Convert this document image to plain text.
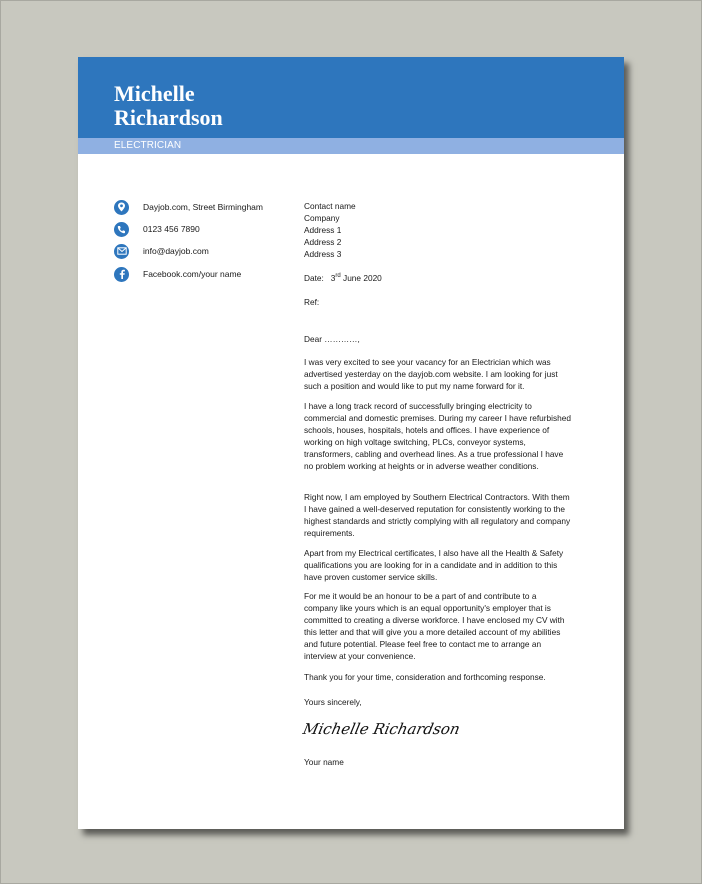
Michelle
Richardson
ELECTRICIAN
Dayjob.com, Street Birmingham
0123 456 7890
info@dayjob.com
Facebook.com/your name
Contact name
Company
Address 1
Address 2
Address 3
Date: 3rd June 2020
Ref:
Dear …………,
I was very excited to see your vacancy for an Electrician which was advertised yesterday on the dayjob.com website. I am looking for just such a position and would like to put my name forward for it.
I have a long track record of successfully bringing electricity to commercial and domestic premises. During my career I have refurbished schools, houses, hospitals, hotels and offices. I have experience of working on high voltage switching, PLCs, conveyor systems, transformers, cabling and overhead lines. As a true professional I have no problem working at heights or in adverse weather conditions.
Right now, I am employed by Southern Electrical Contractors. With them I have gained a well-deserved reputation for consistently working to the highest standards and strictly complying with all regulatory and company requirements.
Apart from my Electrical certificates, I also have all the Health & Safety qualifications you are looking for in a candidate and in addition to this have proven customer service skills.
For me it would be an honour to be a part of and contribute to a company like yours which is an equal opportunity's employer that is committed to creating a diverse workforce. I have enclosed my CV with this letter and that will give you a more detailed account of my abilities and future potential. Please feel free to contact me to arrange an interview at your convenience.
Thank you for your time, consideration and forthcoming response.
Yours sincerely,
Michelle Richardson
Your name
